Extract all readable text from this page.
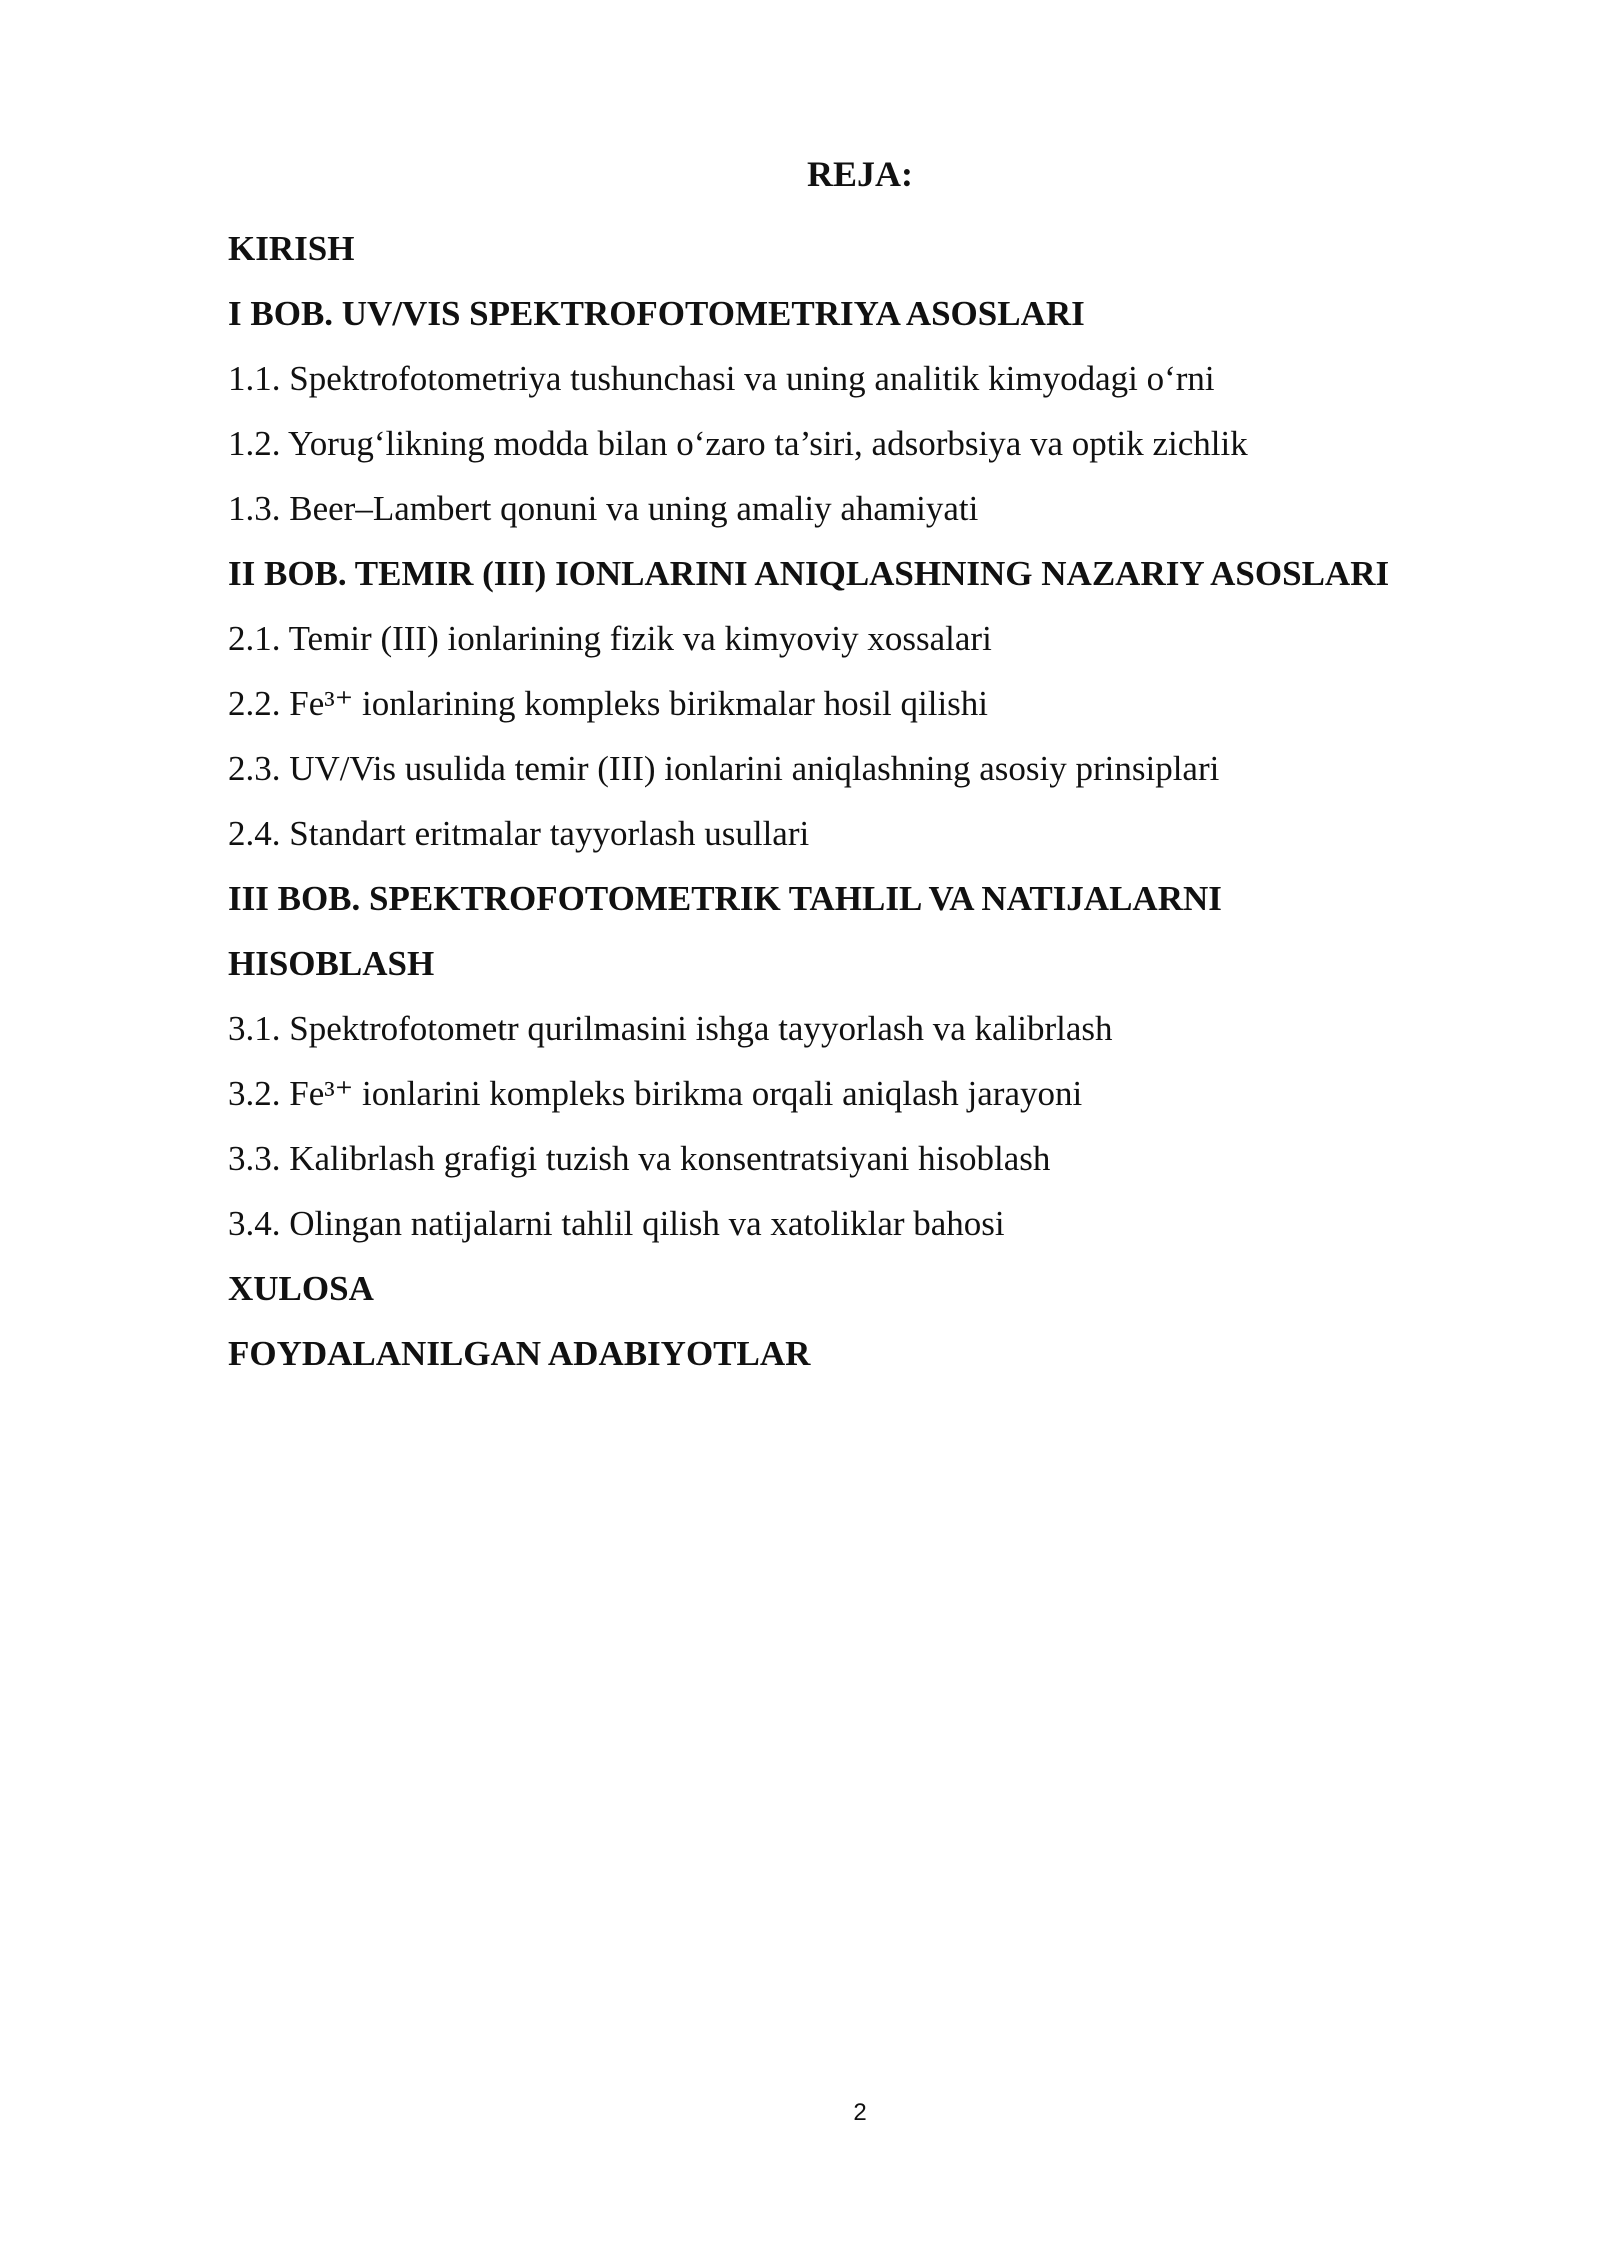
REJA:
KIRISH
I BOB. UV/VIS SPEKTROFOTOMETRIYA ASOSLARI
1.1. Spektrofotometriya tushunchasi va uning analitik kimyodagi o‘rni
1.2. Yorug‘likning modda bilan o‘zaro ta’siri, adsorbsiya va optik zichlik
1.3. Beer–Lambert qonuni va uning amaliy ahamiyati
II BOB. TEMIR (III) IONLARINI ANIQLASHNING NAZARIY ASOSLARI
2.1. Temir (III) ionlarining fizik va kimyoviy xossalari
2.2. Fe³⁺ ionlarining kompleks birikmalar hosil qilishi
2.3. UV/Vis usulida temir (III) ionlarini aniqlashning asosiy prinsiplari
2.4. Standart eritmalar tayyorlash usullari
III BOB. SPEKTROFOTOMETRIK TAHLIL VA NATIJALARNI
HISOBLASH
3.1. Spektrofotometr qurilmasini ishga tayyorlash va kalibrlash
3.2. Fe³⁺ ionlarini kompleks birikma orqali aniqlash jarayoni
3.3. Kalibrlash grafigi tuzish va konsentratsiyani hisoblash
3.4. Olingan natijalarni tahlil qilish va xatoliklar bahosi
XULOSA
FOYDALANILGAN ADABIYOTLAR
2
